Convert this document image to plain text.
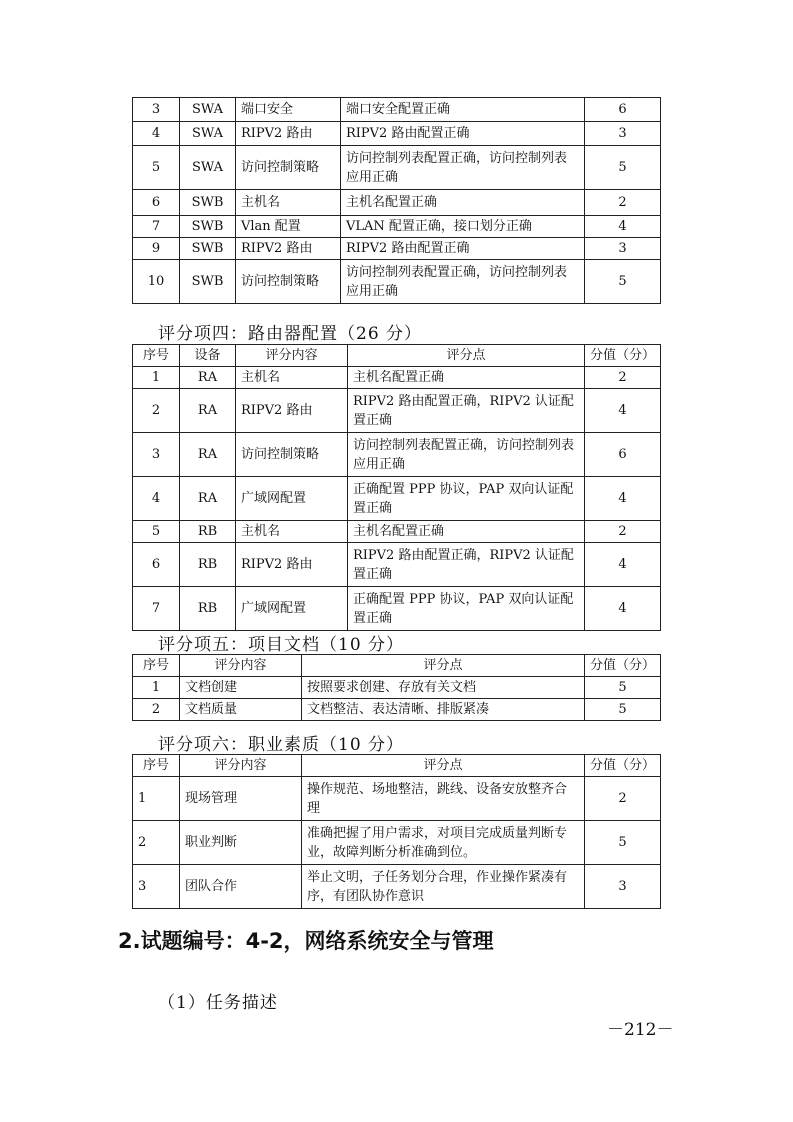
3	SWA	端口安全	端口安全配置正确	6
4	SWA	RIPV2 路由	RIPV2 路由配置正确	3
5	SWA	访问控制策略	访问控制列表配置正确，访问控制列表应用正确	5
6	SWB	主机名	主机名配置正确	2
7	SWB	Vlan 配置	VLAN 配置正确，接口划分正确	4
9	SWB	RIPV2 路由	RIPV2 路由配置正确	3
10	SWB	访问控制策略	访问控制列表配置正确，访问控制列表应用正确	5
评分项四：路由器配置（26 分）
序号	设备	评分内容	评分点	分值（分）
1	RA	主机名	主机名配置正确	2
2	RA	RIPV2 路由	RIPV2 路由配置正确，RIPV2 认证配置正确	4
3	RA	访问控制策略	访问控制列表配置正确，访问控制列表应用正确	6
4	RA	广域网配置	正确配置 PPP 协议，PAP 双向认证配置正确	4
5	RB	主机名	主机名配置正确	2
6	RB	RIPV2 路由	RIPV2 路由配置正确，RIPV2 认证配置正确	4
7	RB	广域网配置	正确配置 PPP 协议，PAP 双向认证配置正确	4
评分项五：项目文档（10 分）
序号	评分内容	评分点	分值（分）
1	文档创建	按照要求创建、存放有关文档	5
2	文档质量	文档整洁、表达清晰、排版紧凑	5
评分项六：职业素质（10 分）
序号	评分内容	评分点	分值（分）
1	现场管理	操作规范、场地整洁，跳线、设备安放整齐合理	2
2	职业判断	准确把握了用户需求，对项目完成质量判断专业，故障判断分析准确到位。	5
3	团队合作	举止文明，子任务划分合理，作业操作紧凑有序，有团队协作意识	3
2.试题编号：4-2，网络系统安全与管理
（1）任务描述
－212－
